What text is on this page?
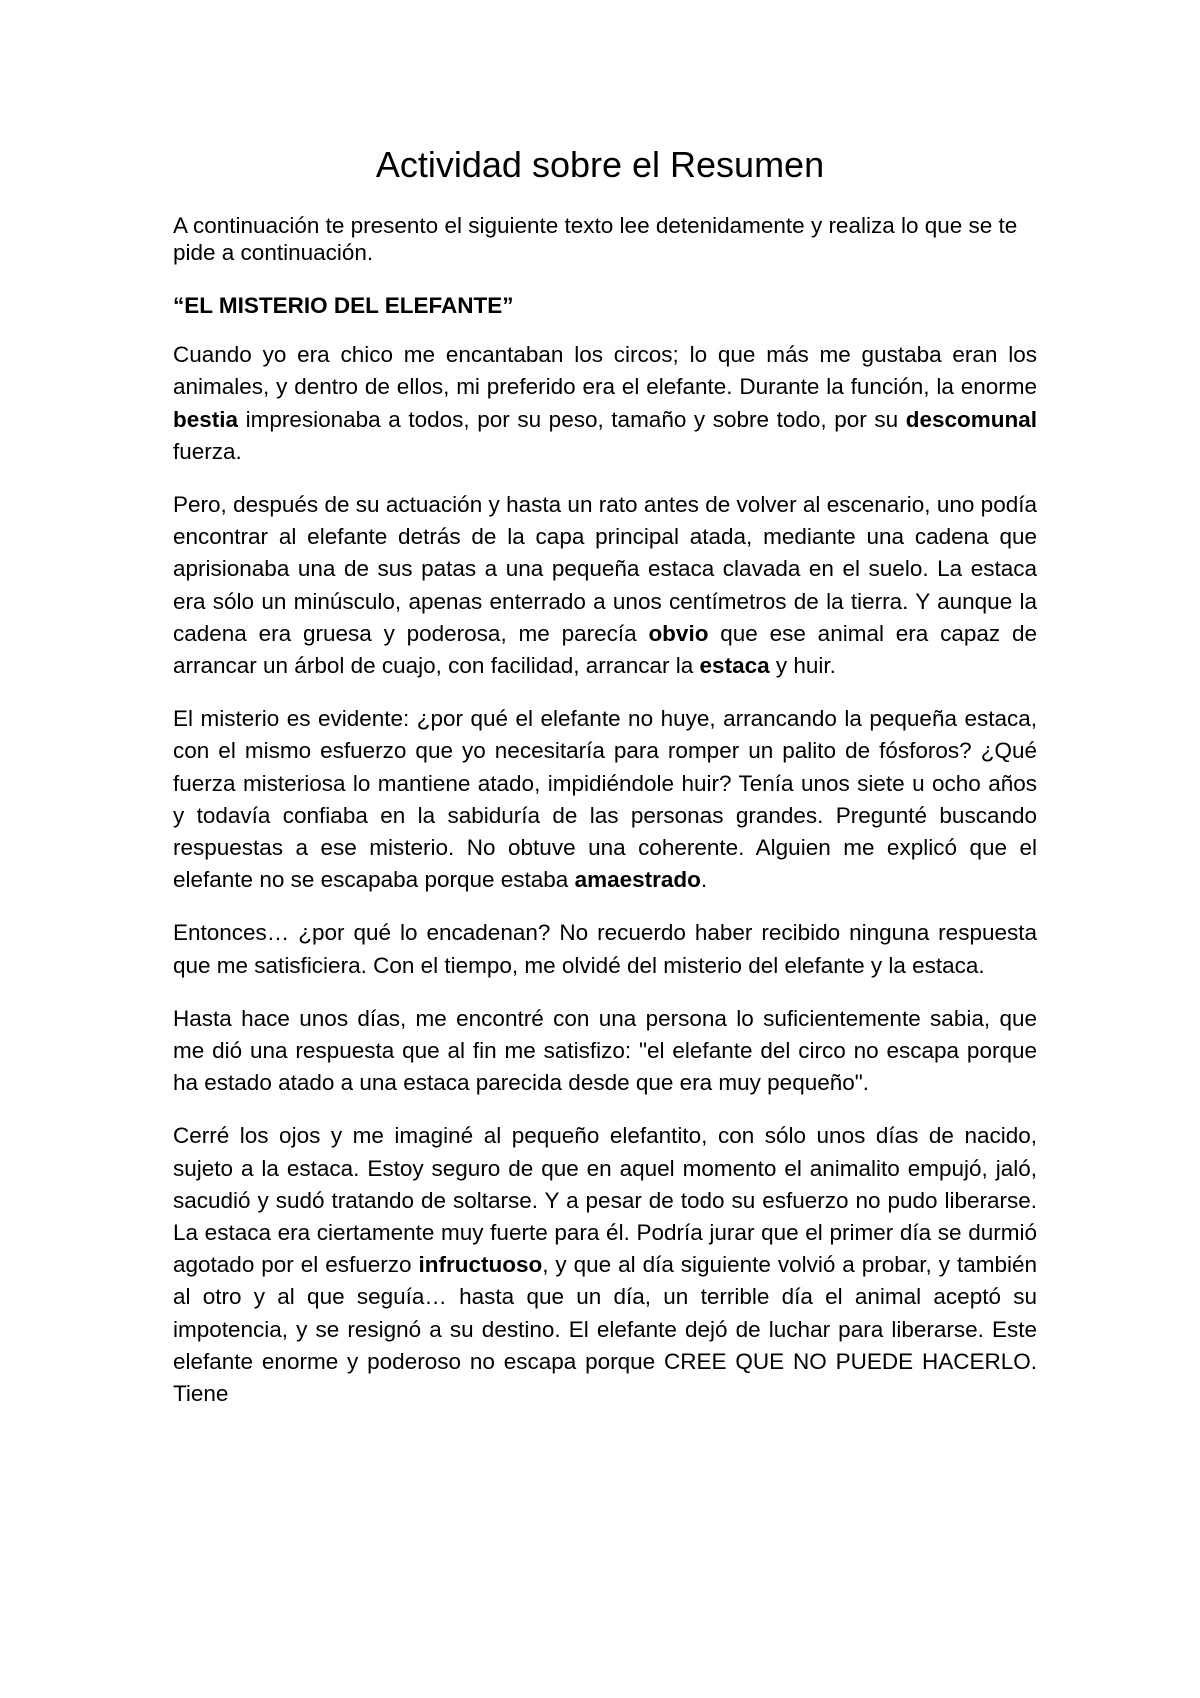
Actividad sobre el Resumen

A continuación te presento el siguiente texto lee detenidamente y realiza lo que se te pide a continuación.

“EL MISTERIO DEL ELEFANTE”

Cuando yo era chico me encantaban los circos; lo que más me gustaba eran los animales, y dentro de ellos, mi preferido era el elefante. Durante la función, la enorme bestia impresionaba a todos, por su peso, tamaño y sobre todo, por su descomunal fuerza.

Pero, después de su actuación y hasta un rato antes de volver al escenario, uno podía encontrar al elefante detrás de la capa principal atada, mediante una cadena que aprisionaba una de sus patas a una pequeña estaca clavada en el suelo. La estaca era sólo un minúsculo, apenas enterrado a unos centímetros de la tierra. Y aunque la cadena era gruesa y poderosa, me parecía obvio que ese animal era capaz de arrancar un árbol de cuajo, con facilidad, arrancar la estaca y huir.

El misterio es evidente: ¿por qué el elefante no huye, arrancando la pequeña estaca, con el mismo esfuerzo que yo necesitaría para romper un palito de fósforos? ¿Qué fuerza misteriosa lo mantiene atado, impidiéndole huir? Tenía unos siete u ocho años y todavía confiaba en la sabiduría de las personas grandes. Pregunté buscando respuestas a ese misterio. No obtuve una coherente. Alguien me explicó que el elefante no se escapaba porque estaba amaestrado.

Entonces… ¿por qué lo encadenan? No recuerdo haber recibido ninguna respuesta que me satisficiera. Con el tiempo, me olvidé del misterio del elefante y la estaca.

Hasta hace unos días, me encontré con una persona lo suficientemente sabia, que me dió una respuesta que al fin me satisfizo: "el elefante del circo no escapa porque ha estado atado a una estaca parecida desde que era muy pequeño".

Cerré los ojos y me imaginé al pequeño elefantito, con sólo unos días de nacido, sujeto a la estaca. Estoy seguro de que en aquel momento el animalito empujó, jaló, sacudió y sudó tratando de soltarse. Y a pesar de todo su esfuerzo no pudo liberarse. La estaca era ciertamente muy fuerte para él. Podría jurar que el primer día se durmió agotado por el esfuerzo infructuoso, y que al día siguiente volvió a probar, y también al otro y al que seguía… hasta que un día, un terrible día el animal aceptó su impotencia, y se resignó a su destino. El elefante dejó de luchar para liberarse. Este elefante enorme y poderoso no escapa porque CREE QUE NO PUEDE HACERLO. Tiene
